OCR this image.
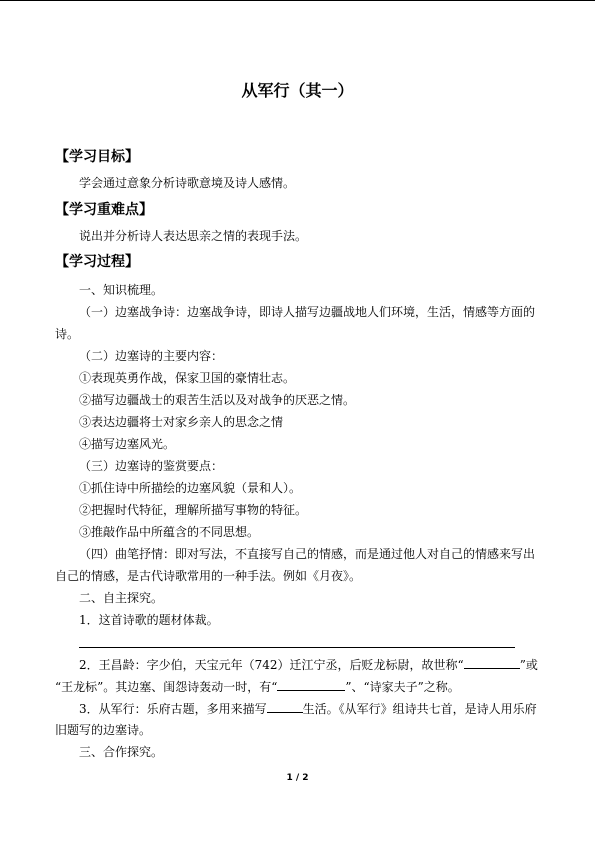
从军行（其一）
【学习目标】
学会通过意象分析诗歌意境及诗人感情。
【学习重难点】
说出并分析诗人表达思亲之情的表现手法。
【学习过程】
一、知识梳理。
（一）边塞战争诗：边塞战争诗，即诗人描写边疆战地人们环境，生活，情感等方面的
诗。
（二）边塞诗的主要内容：
①表现英勇作战，保家卫国的豪情壮志。
②描写边疆战士的艰苦生活以及对战争的厌恶之情。
③表达边疆将士对家乡亲人的思念之情
④描写边塞风光。
（三）边塞诗的鉴赏要点：
①抓住诗中所描绘的边塞风貌（景和人）。
②把握时代特征，理解所描写事物的特征。
③推敲作品中所蕴含的不同思想。
（四）曲笔抒情：即对写法，不直接写自己的情感，而是通过他人对自己的情感来写出
自己的情感，是古代诗歌常用的一种手法。例如《月夜》。
二、自主探究。
1．这首诗歌的题材体裁。
2．王昌龄：字少伯，天宝元年（742）迁江宁丞，后贬龙标尉，故世称“	”或
“王龙标”。其边塞、闺怨诗轰动一时，有“	”、“诗家夫子”之称。
3．从军行：乐府古题，多用来描写	生活。《从军行》组诗共七首，是诗人用乐府
旧题写的边塞诗。
三、合作探究。
1 / 2
